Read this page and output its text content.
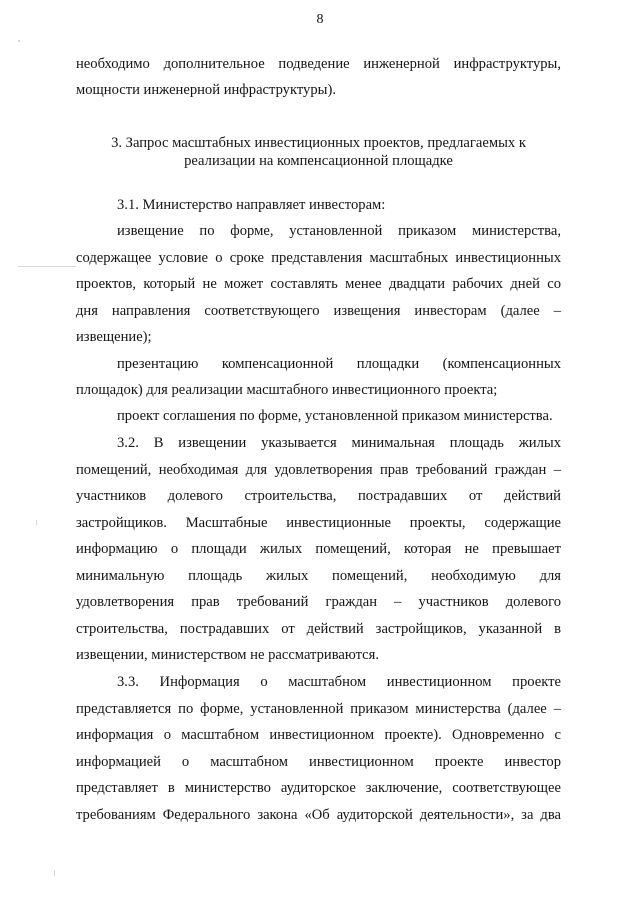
8
необходимо дополнительное подведение инженерной инфраструктуры,
мощности инженерной инфраструктуры).
3. Запрос масштабных инвестиционных проектов, предлагаемых к
реализации на компенсационной площадке
3.1. Министерство направляет инвесторам:
извещение по форме, установленной приказом министерства,
содержащее условие о сроке представления масштабных инвестиционных
проектов, который не может составлять менее двадцати рабочих дней со
дня направления соответствующего извещения инвесторам (далее –
извещение);
презентацию компенсационной площадки (компенсационных
площадок) для реализации масштабного инвестиционного проекта;
проект соглашения по форме, установленной приказом министерства.
3.2. В извещении указывается минимальная площадь жилых
помещений, необходимая для удовлетворения прав требований граждан –
участников долевого строительства, пострадавших от действий
застройщиков. Масштабные инвестиционные проекты, содержащие
информацию о площади жилых помещений, которая не превышает
минимальную площадь жилых помещений, необходимую для
удовлетворения прав требований граждан – участников долевого
строительства, пострадавших от действий застройщиков, указанной в
извещении, министерством не рассматриваются.
3.3. Информация о масштабном инвестиционном проекте
представляется по форме, установленной приказом министерства (далее –
информация о масштабном инвестиционном проекте). Одновременно с
информацией о масштабном инвестиционном проекте инвестор
представляет в министерство аудиторское заключение, соответствующее
требованиям Федерального закона «Об аудиторской деятельности», за два
